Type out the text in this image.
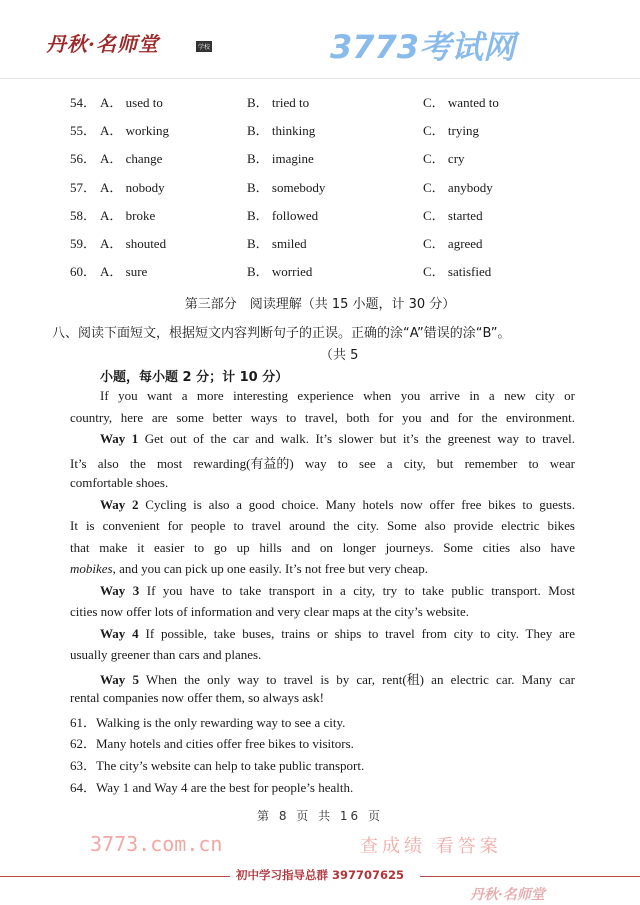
丹秋·名师堂	学校
54． A． used to	B． tried to	C． wanted to
55． A． working	B． thinking	C． trying
56． A． change	B． imagine	C． cry
57． A． nobody	B． somebody	C． anybody
58． A． broke	B． followed	C． started
59． A． shouted	B． smiled	C． agreed
60． A． sure	B． worried	C． satisfied
第三部分　阅读理解（共 15 小题，计 30 分）
八、阅读下面短文，根据短文内容判断句子的正误。正确的涂“A”错误的涂“B”。
（共 5
小题，每小题 2 分；计 10 分）
If you want a more interesting experience when you arrive in a new city or
country, here are some better ways to travel, both for you and for the environment.
Way 1 Get out of the car and walk. It’s slower but it’s the greenest way to travel.
It’s also the most rewarding(有益的) way to see a city, but remember to wear
comfortable shoes.
Way 2 Cycling is also a good choice. Many hotels now offer free bikes to guests.
It is convenient for people to travel around the city. Some also provide electric bikes
that make it easier to go up hills and on longer journeys. Some cities also have
mobikes, and you can pick up one easily. It’s not free but very cheap.
Way 3 If you have to take transport in a city, try to take public transport. Most
cities now offer lots of information and very clear maps at the city’s website.
Way 4 If possible, take buses, trains or ships to travel from city to city. They are
usually greener than cars and planes.
Way 5 When the only way to travel is by car, rent(租) an electric car. Many car
rental companies now offer them, so always ask!
61．Walking is the only rewarding way to see a city.
62．Many hotels and cities offer free bikes to visitors.
63．The city’s website can help to take public transport.
64．Way 1 and Way 4 are the best for people’s health.
第 8 页 共 16 页
3773.com.cn	查成绩 看答案
初中学习指导总群 397707625
3773考试网
丹秋·名师堂
